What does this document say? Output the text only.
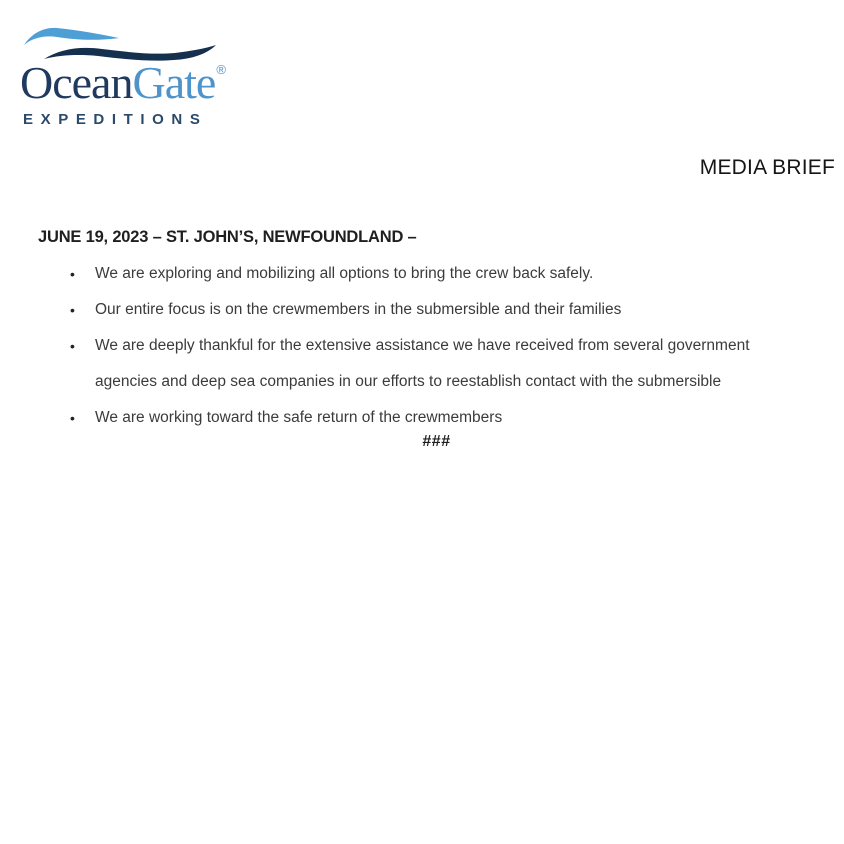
OceanGate®
EXPEDITIONS
MEDIA BRIEF
JUNE 19, 2023 – ST. JOHN’S, NEWFOUNDLAND –
• We are exploring and mobilizing all options to bring the crew back safely.
• Our entire focus is on the crewmembers in the submersible and their families
• We are deeply thankful for the extensive assistance we have received from several government agencies and deep sea companies in our efforts to reestablish contact with the submersible
• We are working toward the safe return of the crewmembers
###
